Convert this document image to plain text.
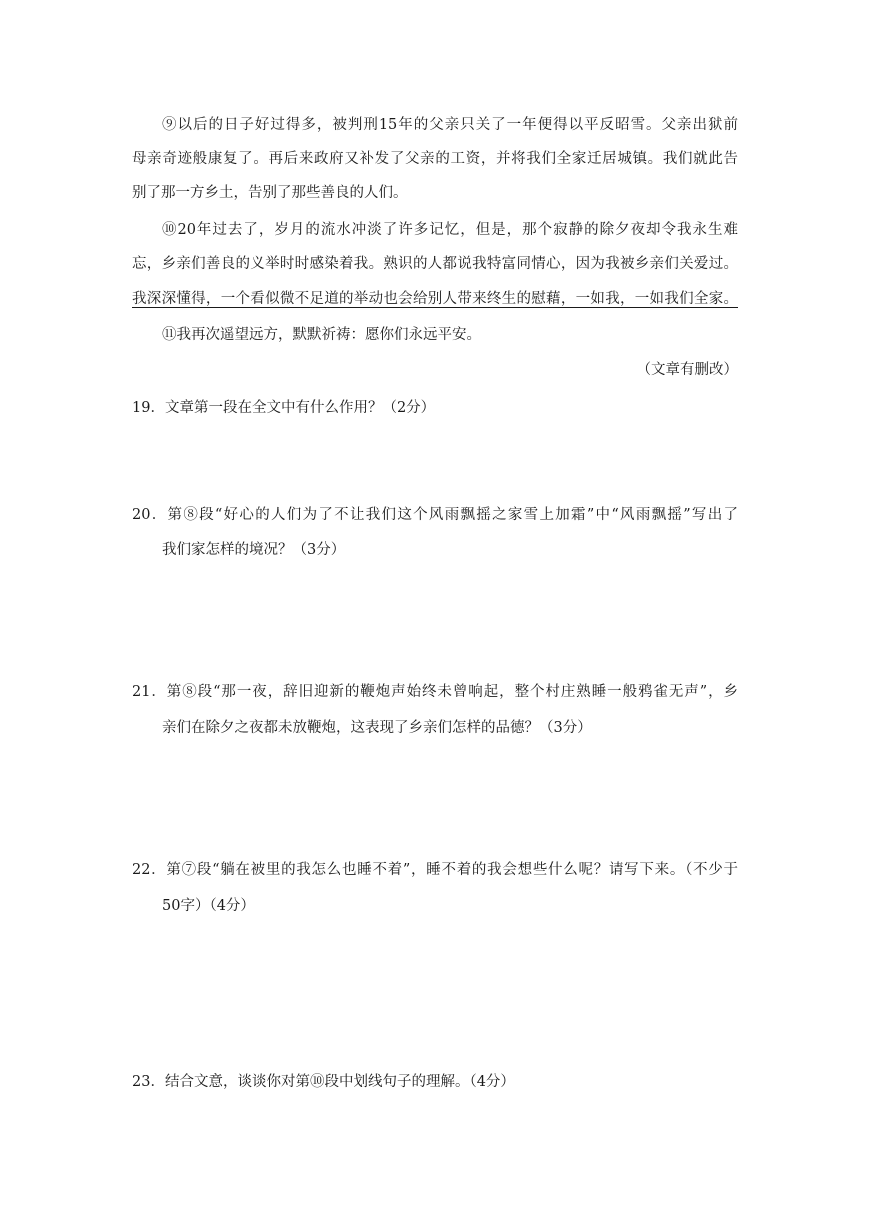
⑨以后的日子好过得多，被判刑15年的父亲只关了一年便得以平反昭雪。父亲出狱前
母亲奇迹般康复了。再后来政府又补发了父亲的工资，并将我们全家迁居城镇。我们就此告
别了那一方乡土，告别了那些善良的人们。
⑩20年过去了，岁月的流水冲淡了许多记忆，但是，那个寂静的除夕夜却令我永生难
忘，乡亲们善良的义举时时感染着我。熟识的人都说我特富同情心，因为我被乡亲们关爱过。
我深深懂得，一个看似微不足道的举动也会给别人带来终生的慰藉，一如我，一如我们全家。
⑪我再次遥望远方，默默祈祷：愿你们永远平安。
（文章有删改）
19．文章第一段在全文中有什么作用？（2分）
20．第⑧段“好心的人们为了不让我们这个风雨飘摇之家雪上加霜”中“风雨飘摇”写出了
我们家怎样的境况？（3分）
21．第⑧段“那一夜，辞旧迎新的鞭炮声始终未曾响起，整个村庄熟睡一般鸦雀无声”，乡
亲们在除夕之夜都未放鞭炮，这表现了乡亲们怎样的品德？（3分）
22．第⑦段“躺在被里的我怎么也睡不着”，睡不着的我会想些什么呢？请写下来。（不少于
50字）（4分）
23．结合文意，谈谈你对第⑩段中划线句子的理解。（4分）
